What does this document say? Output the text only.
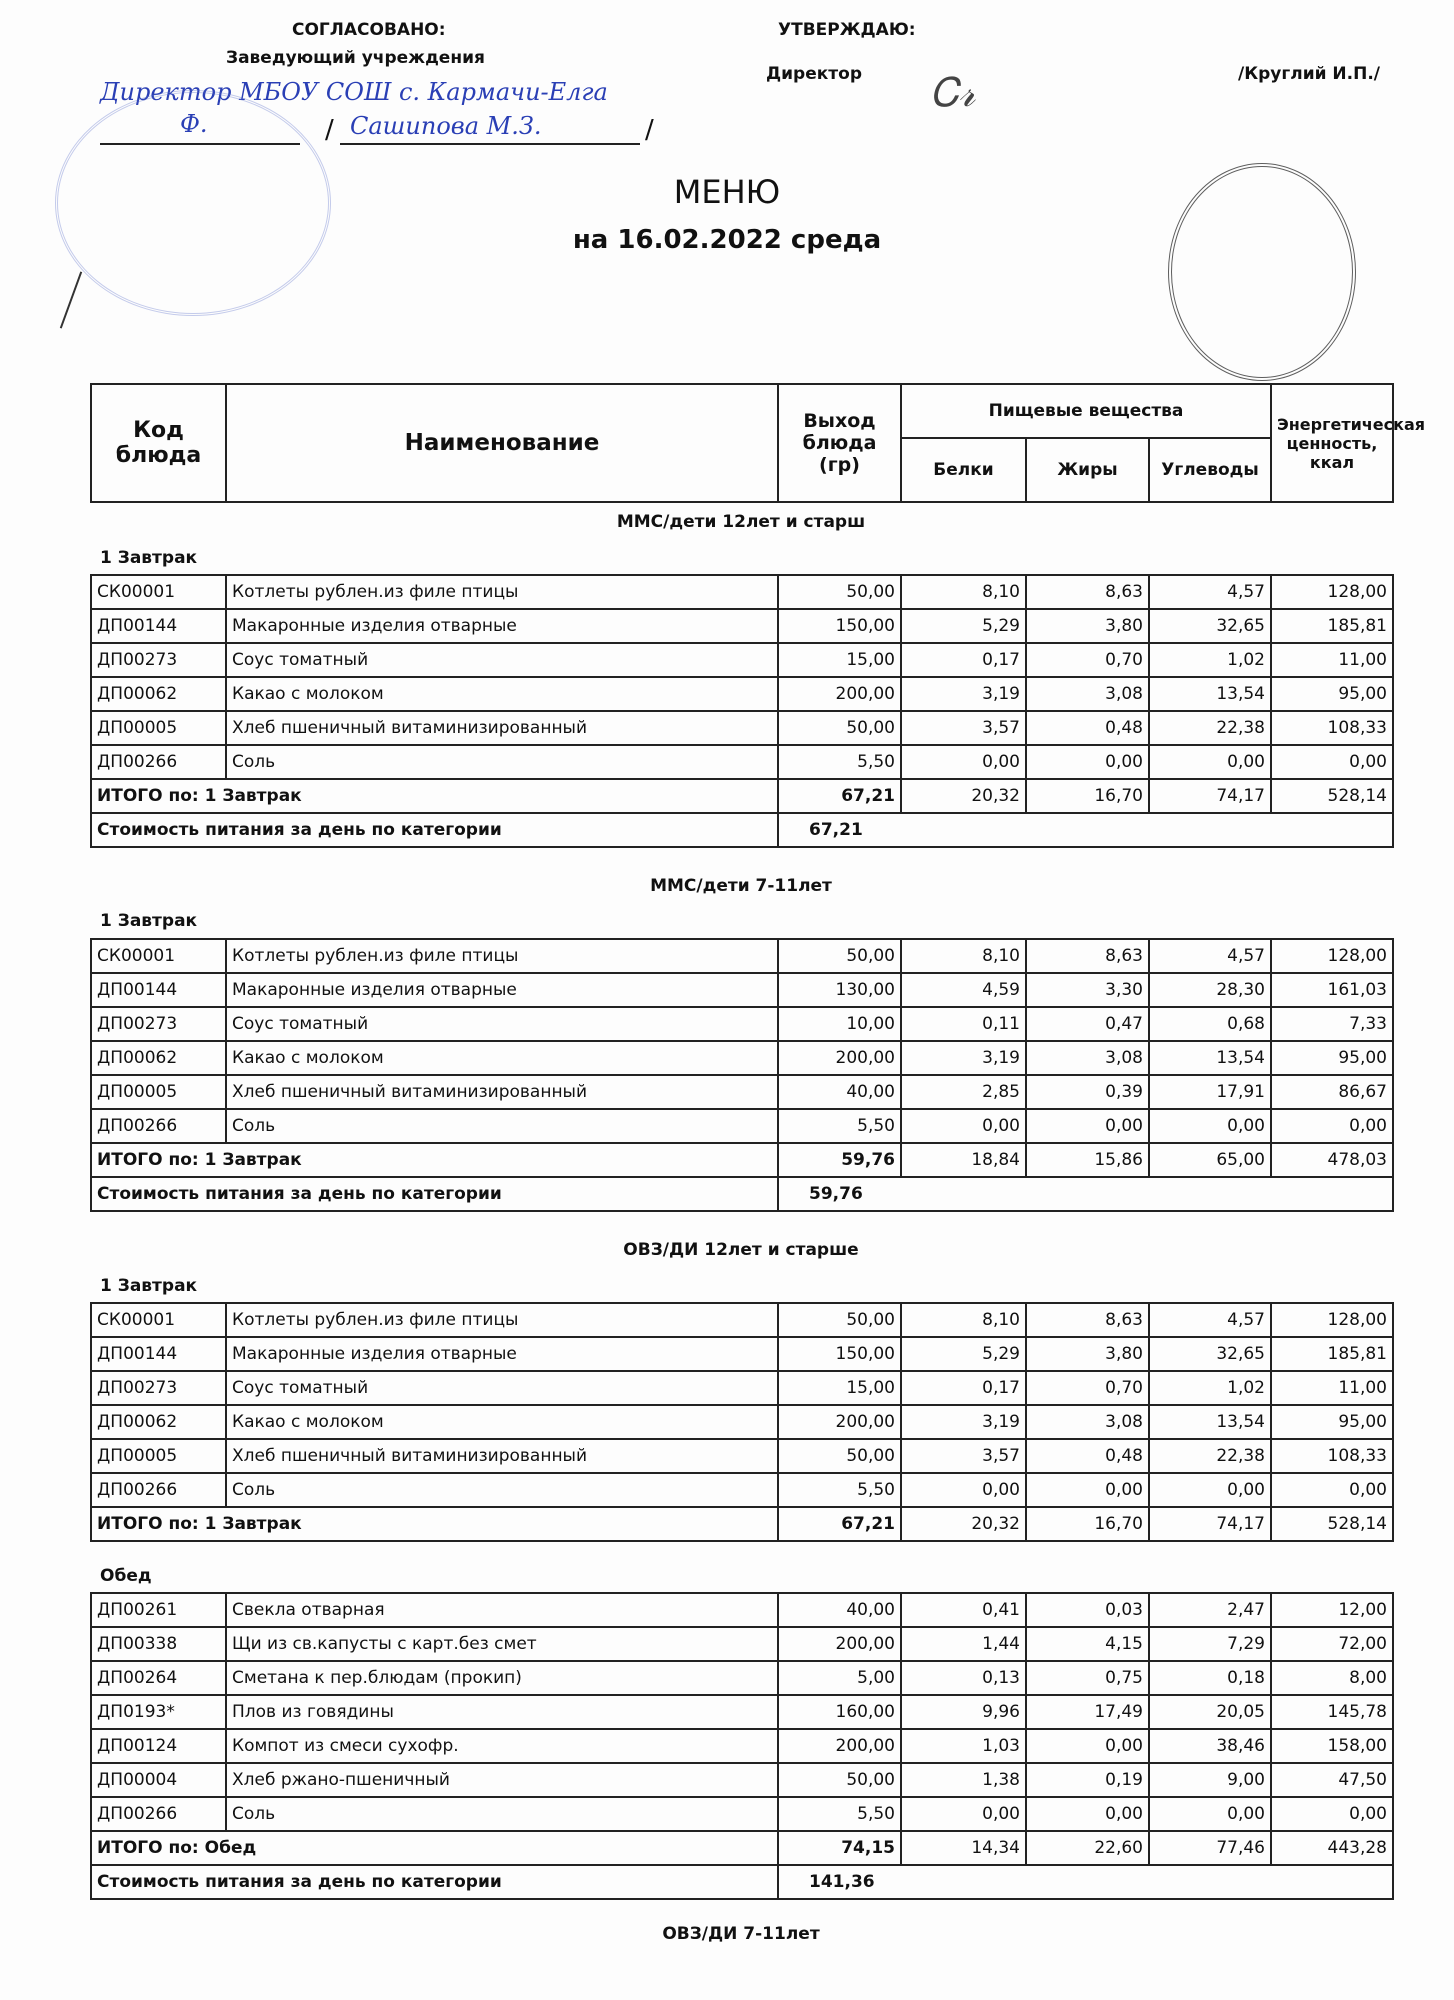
СОГЛАСОВАНО:
Заведующий учреждения
Директор МБОУ СОШ с. Кармачи-Елга
Ф.	/ Сашипова М.З.	/
УТВЕРЖДАЮ:
Директор Ꮯ𝓇	/Круглий И.П./
МЕНЮ
на 16.02.2022 среда
Код блюда	Наименование	Выход блюда (гр)	Пищевые вещества			Энергетическая ценность, ккал
			Белки	Жиры	Углеводы	
ММС/дети 12лет и старш
1 Завтрак
СК00001	Котлеты рублен.из филе птицы	50,00	8,10	8,63	4,57	128,00
ДП00144	Макаронные изделия отварные	150,00	5,29	3,80	32,65	185,81
ДП00273	Соус томатный	15,00	0,17	0,70	1,02	11,00
ДП00062	Какао с молоком	200,00	3,19	3,08	13,54	95,00
ДП00005	Хлеб пшеничный витаминизированный	50,00	3,57	0,48	22,38	108,33
ДП00266	Соль	5,50	0,00	0,00	0,00	0,00
ИТОГО по: 1 Завтрак		67,21	20,32	16,70	74,17	528,14
Стоимость питания за день по категории		67,21				
ММС/дети 7-11лет
1 Завтрак
СК00001	Котлеты рублен.из филе птицы	50,00	8,10	8,63	4,57	128,00
ДП00144	Макаронные изделия отварные	130,00	4,59	3,30	28,30	161,03
ДП00273	Соус томатный	10,00	0,11	0,47	0,68	7,33
ДП00062	Какао с молоком	200,00	3,19	3,08	13,54	95,00
ДП00005	Хлеб пшеничный витаминизированный	40,00	2,85	0,39	17,91	86,67
ДП00266	Соль	5,50	0,00	0,00	0,00	0,00
ИТОГО по: 1 Завтрак		59,76	18,84	15,86	65,00	478,03
Стоимость питания за день по категории		59,76				
ОВЗ/ДИ 12лет и старше
1 Завтрак
СК00001	Котлеты рублен.из филе птицы	50,00	8,10	8,63	4,57	128,00
ДП00144	Макаронные изделия отварные	150,00	5,29	3,80	32,65	185,81
ДП00273	Соус томатный	15,00	0,17	0,70	1,02	11,00
ДП00062	Какао с молоком	200,00	3,19	3,08	13,54	95,00
ДП00005	Хлеб пшеничный витаминизированный	50,00	3,57	0,48	22,38	108,33
ДП00266	Соль	5,50	0,00	0,00	0,00	0,00
ИТОГО по: 1 Завтрак		67,21	20,32	16,70	74,17	528,14
Обед
ДП00261	Свекла отварная	40,00	0,41	0,03	2,47	12,00
ДП00338	Щи из св.капусты с карт.без смет	200,00	1,44	4,15	7,29	72,00
ДП00264	Сметана к пер.блюдам (прокип)	5,00	0,13	0,75	0,18	8,00
ДП0193*	Плов из говядины	160,00	9,96	17,49	20,05	145,78
ДП00124	Компот из смеси сухофр.	200,00	1,03	0,00	38,46	158,00
ДП00004	Хлеб ржано-пшеничный	50,00	1,38	0,19	9,00	47,50
ДП00266	Соль	5,50	0,00	0,00	0,00	0,00
ИТОГО по: Обед		74,15	14,34	22,60	77,46	443,28
Стоимость питания за день по категории		141,36				
ОВЗ/ДИ 7-11лет
